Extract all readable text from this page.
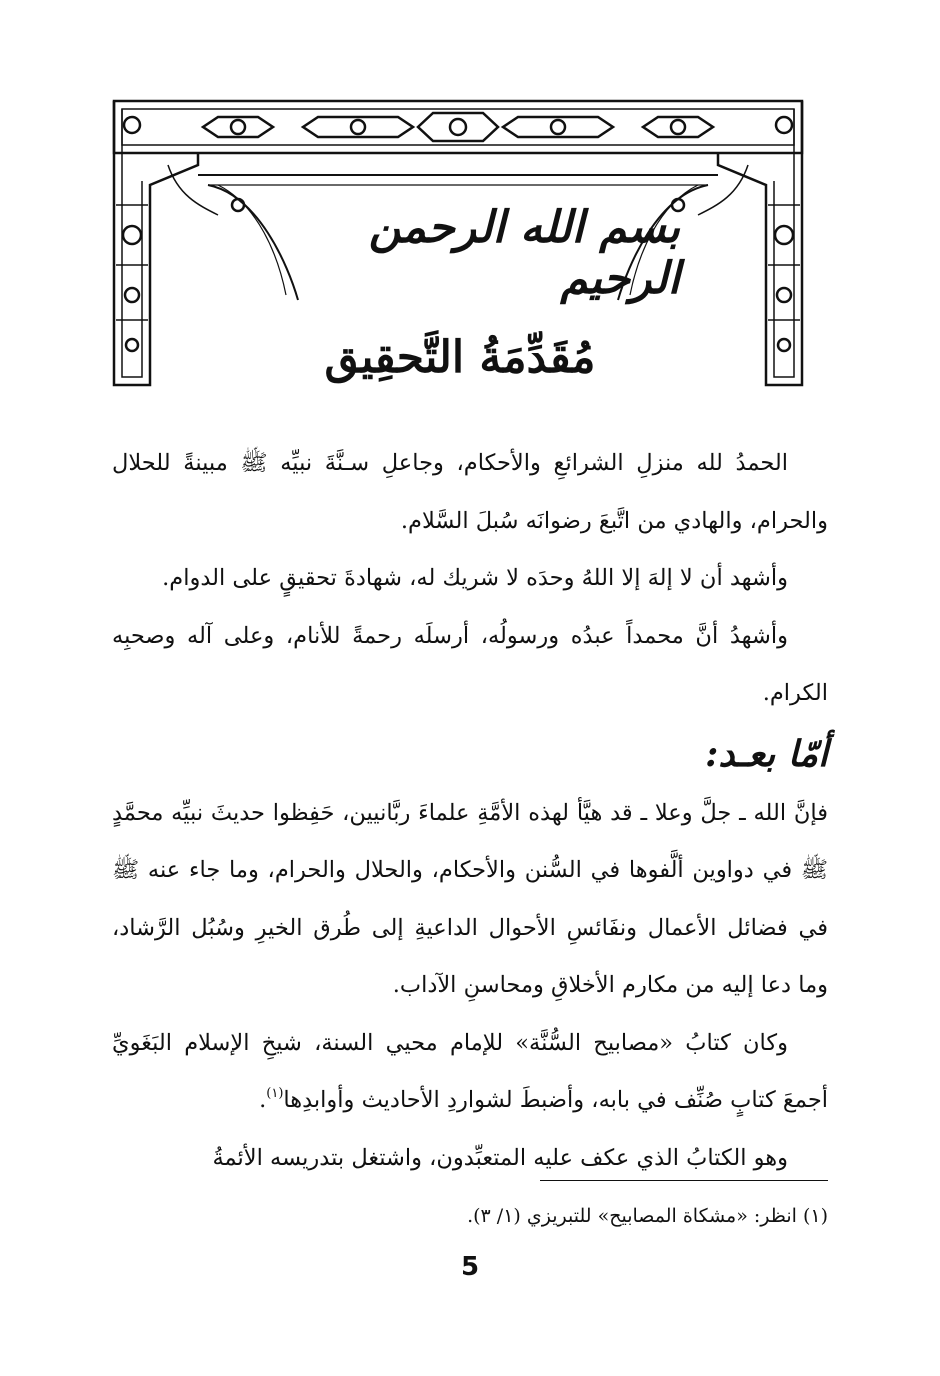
بسم الله الرحمن الرحيم
مُقَدِّمَةُ التَّحقِيق

الحمدُ لله منزلِ الشرائعِ والأحكام، وجاعلِ سـنَّةَ نبيِّه ﷺ مبينةً للحلال والحرام، والهادي من اتَّبعَ رضوانَه سُبلَ السَّلام.

وأشهد أن لا إلهَ إلا اللهُ وحدَه لا شريك له، شهادةَ تحقيقٍ على الدوام.

وأشهدُ أنَّ محمداً عبدُه ورسولُه، أرسلَه رحمةً للأنام، وعلى آله وصحبِه الكرام.

أمّا بعـد:

فإنَّ الله ـ جلَّ وعلا ـ قد هيَّأ لهذه الأمَّةِ علماءَ ربَّانيين، حَفِظوا حديثَ نبيِّه محمَّدٍ ﷺ في دواوين ألَّفوها في السُّنن والأحكام، والحلال والحرام، وما جاء عنه ﷺ في فضائل الأعمال ونفَائسِ الأحوال الداعيةِ إلى طُرق الخيرِ وسُبُل الرَّشاد، وما دعا إليه من مكارم الأخلاقِ ومحاسنِ الآداب.

وكان كتابُ «مصابيح السُّنَّة» للإمام محيي السنة، شيخِ الإسلام البَغَويِّ أجمعَ كتابٍ صُنِّف في بابه، وأضبطَ لشواردِ الأحاديث وأوابدِها$^{(١)}$.

وهو الكتابُ الذي عكف عليه المتعبِّدون، واشتغل بتدريسه الأئمةُ

(١) انظر: «مشكاة المصابيح» للتبريزي (١/ ٣).
5
